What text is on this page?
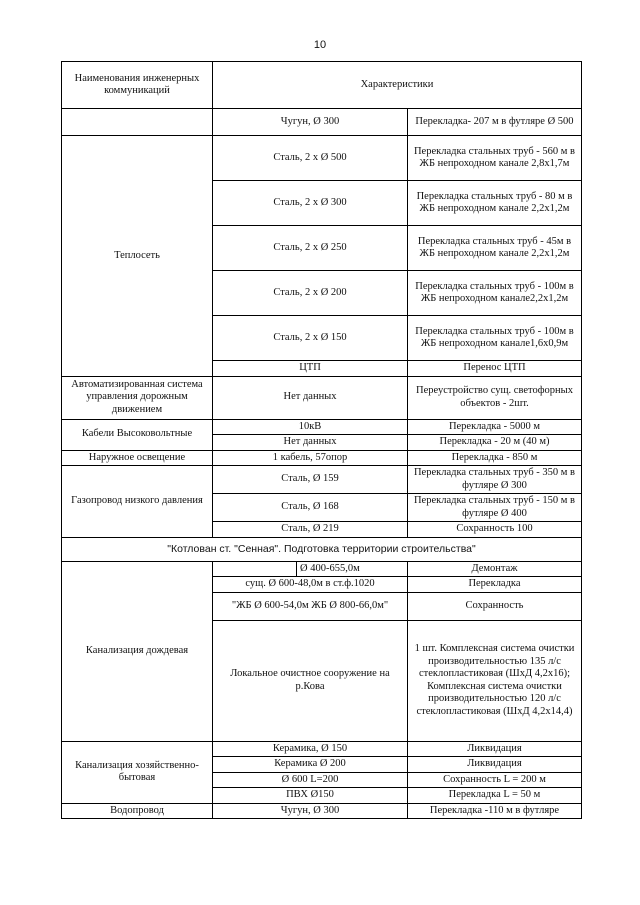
10
Наименования инженерных коммуникаций	Характеристики		
	Чугун, Ø 300		Перекладка- 207 м в футляре Ø 500
Теплосеть	Сталь, 2 х Ø 500		Перекладка стальных труб - 560 м в ЖБ непроходном канале 2,8х1,7м
	Сталь, 2 х Ø 300		Перекладка стальных труб - 80 м в ЖБ непроходном канале 2,2х1,2м
	Сталь, 2 х Ø 250		Перекладка стальных труб - 45м в ЖБ непроходном канале 2,2х1,2м
	Сталь, 2 х Ø 200		Перекладка стальных труб - 100м в ЖБ непроходном канале2,2х1,2м
	Сталь, 2 х Ø 150		Перекладка стальных труб - 100м в ЖБ непроходном канале1,6х0,9м
	ЦТП		Перенос ЦТП
Автоматизированная система управления дорожным движением	Нет данных		Переустройство сущ. светофорных объектов - 2шт.
Кабели Высоковольтные	10кВ		Перекладка - 5000 м
	Нет данных		Перекладка - 20 м (40 м)
Наружное освещение	1 кабель, 57опор		Перекладка - 850 м
Газопровод низкого давления	Сталь, Ø 159		Перекладка стальных труб - 350 м в футляре Ø 300
	Сталь, Ø 168		Перекладка стальных труб - 150 м в футляре Ø 400
	Сталь, Ø 219		Сохранность 100
"Котлован ст. "Сенная". Подготовка территории строительства"			
Канализация дождевая		Ø 400-655,0м	Демонтаж
	сущ. Ø 600-48,0м в ст.ф.1020		Перекладка
	"ЖБ Ø 600-54,0м ЖБ Ø 800-66,0м"		Сохранность
	Локальное очистное сооружение на р.Кова		1 шт. Комплексная система очистки производительностью 135 л/с стеклопластиковая (ШхД 4,2х16); Комплексная система очистки производительностью 120 л/с стеклопластиковая (ШхД 4,2х14,4)
Канализация хозяйственно-бытовая	Керамика, Ø 150		Ликвидация
	Керамика Ø 200		Ликвидация
	Ø 600 L=200		Сохранность L = 200 м
	ПВХ Ø150		Перекладка L = 50 м
Водопровод	Чугун, Ø 300		Перекладка -110 м в футляре
